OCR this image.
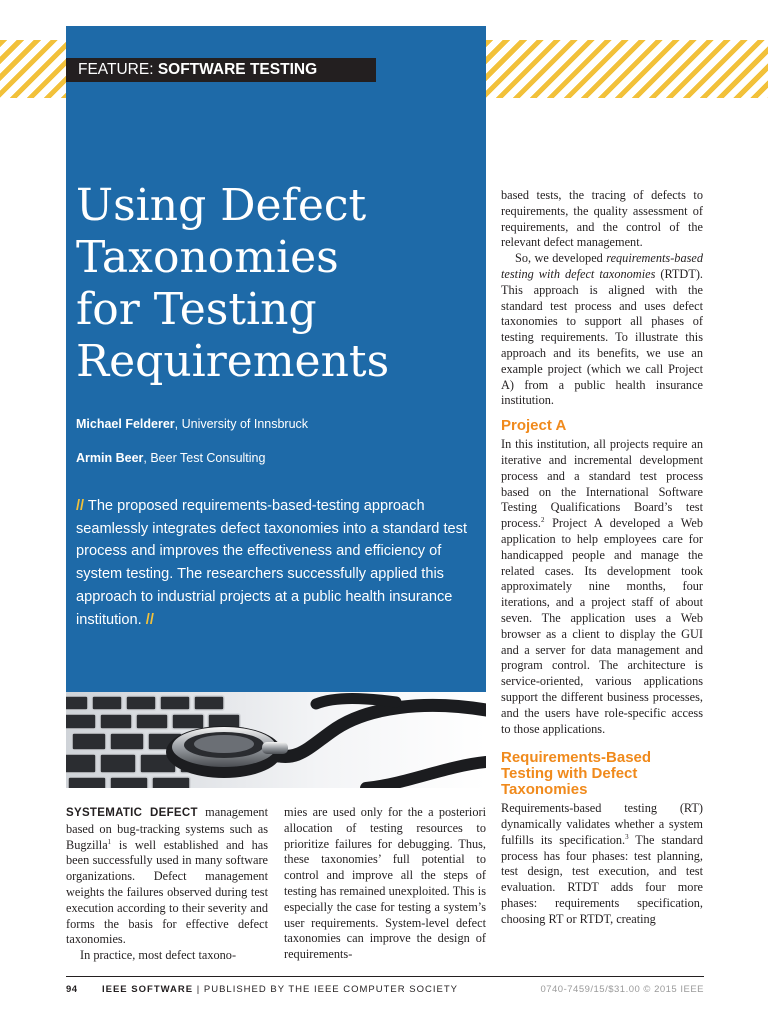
FEATURE: SOFTWARE TESTING
Using Defect
Taxonomies
for Testing
Requirements
Michael Felderer, University of Innsbruck
Armin Beer, Beer Test Consulting
// The proposed requirements-based-testing approach seamlessly integrates defect taxonomies into a standard test process and improves the effectiveness and efficiency of system testing. The researchers successfully applied this approach to industrial projects at a public health insurance institution. //

SYSTEMATIC DEFECT management based on bug-tracking systems such as Bugzilla$^1$ is well established and has been successfully used in many software organizations. Defect management weights the failures observed during test execution according to their severity and forms the basis for effective defect taxonomies.

In practice, most defect taxono-

mies are used only for the a posteriori allocation of testing resources to prioritize failures for debugging. Thus, these taxonomies’ full potential to control and improve all the steps of testing has remained unexploited. This is especially the case for testing a system’s user requirements. System-level defect taxonomies can improve the design of requirements-

based tests, the tracing of defects to requirements, the quality assessment of requirements, and the control of the relevant defect management.

So, we developed requirements-based testing with defect taxonomies (RTDT). This approach is aligned with the standard test process and uses defect taxonomies to support all phases of testing requirements. To illustrate this approach and its benefits, we use an example project (which we call Project A) from a public health insurance institution.

Project A

In this institution, all projects require an iterative and incremental development process and a standard test process based on the International Software Testing Qualifications Board’s test process.$^2$ Project A developed a Web application to help employees care for handicapped people and manage the related cases. Its development took approximately nine months, four iterations, and a project staff of about seven. The application uses a Web browser as a client to display the GUI and a server for data management and program control. The architecture is service-oriented, various applications support the different business processes, and the users have role-specific access to those applications.

Requirements-Based Testing with Defect Taxonomies

Requirements-based testing (RT) dynamically validates whether a system fulfills its specification.$^3$ The standard process has four phases: test planning, test design, test execution, and test evaluation. RTDT adds four more phases: requirements specification, choosing RT or RTDT, creating

94	IEEE SOFTWARE | PUBLISHED BY THE IEEE COMPUTER SOCIETY	0740-7459/15/$31.00 © 2015 IEEE
